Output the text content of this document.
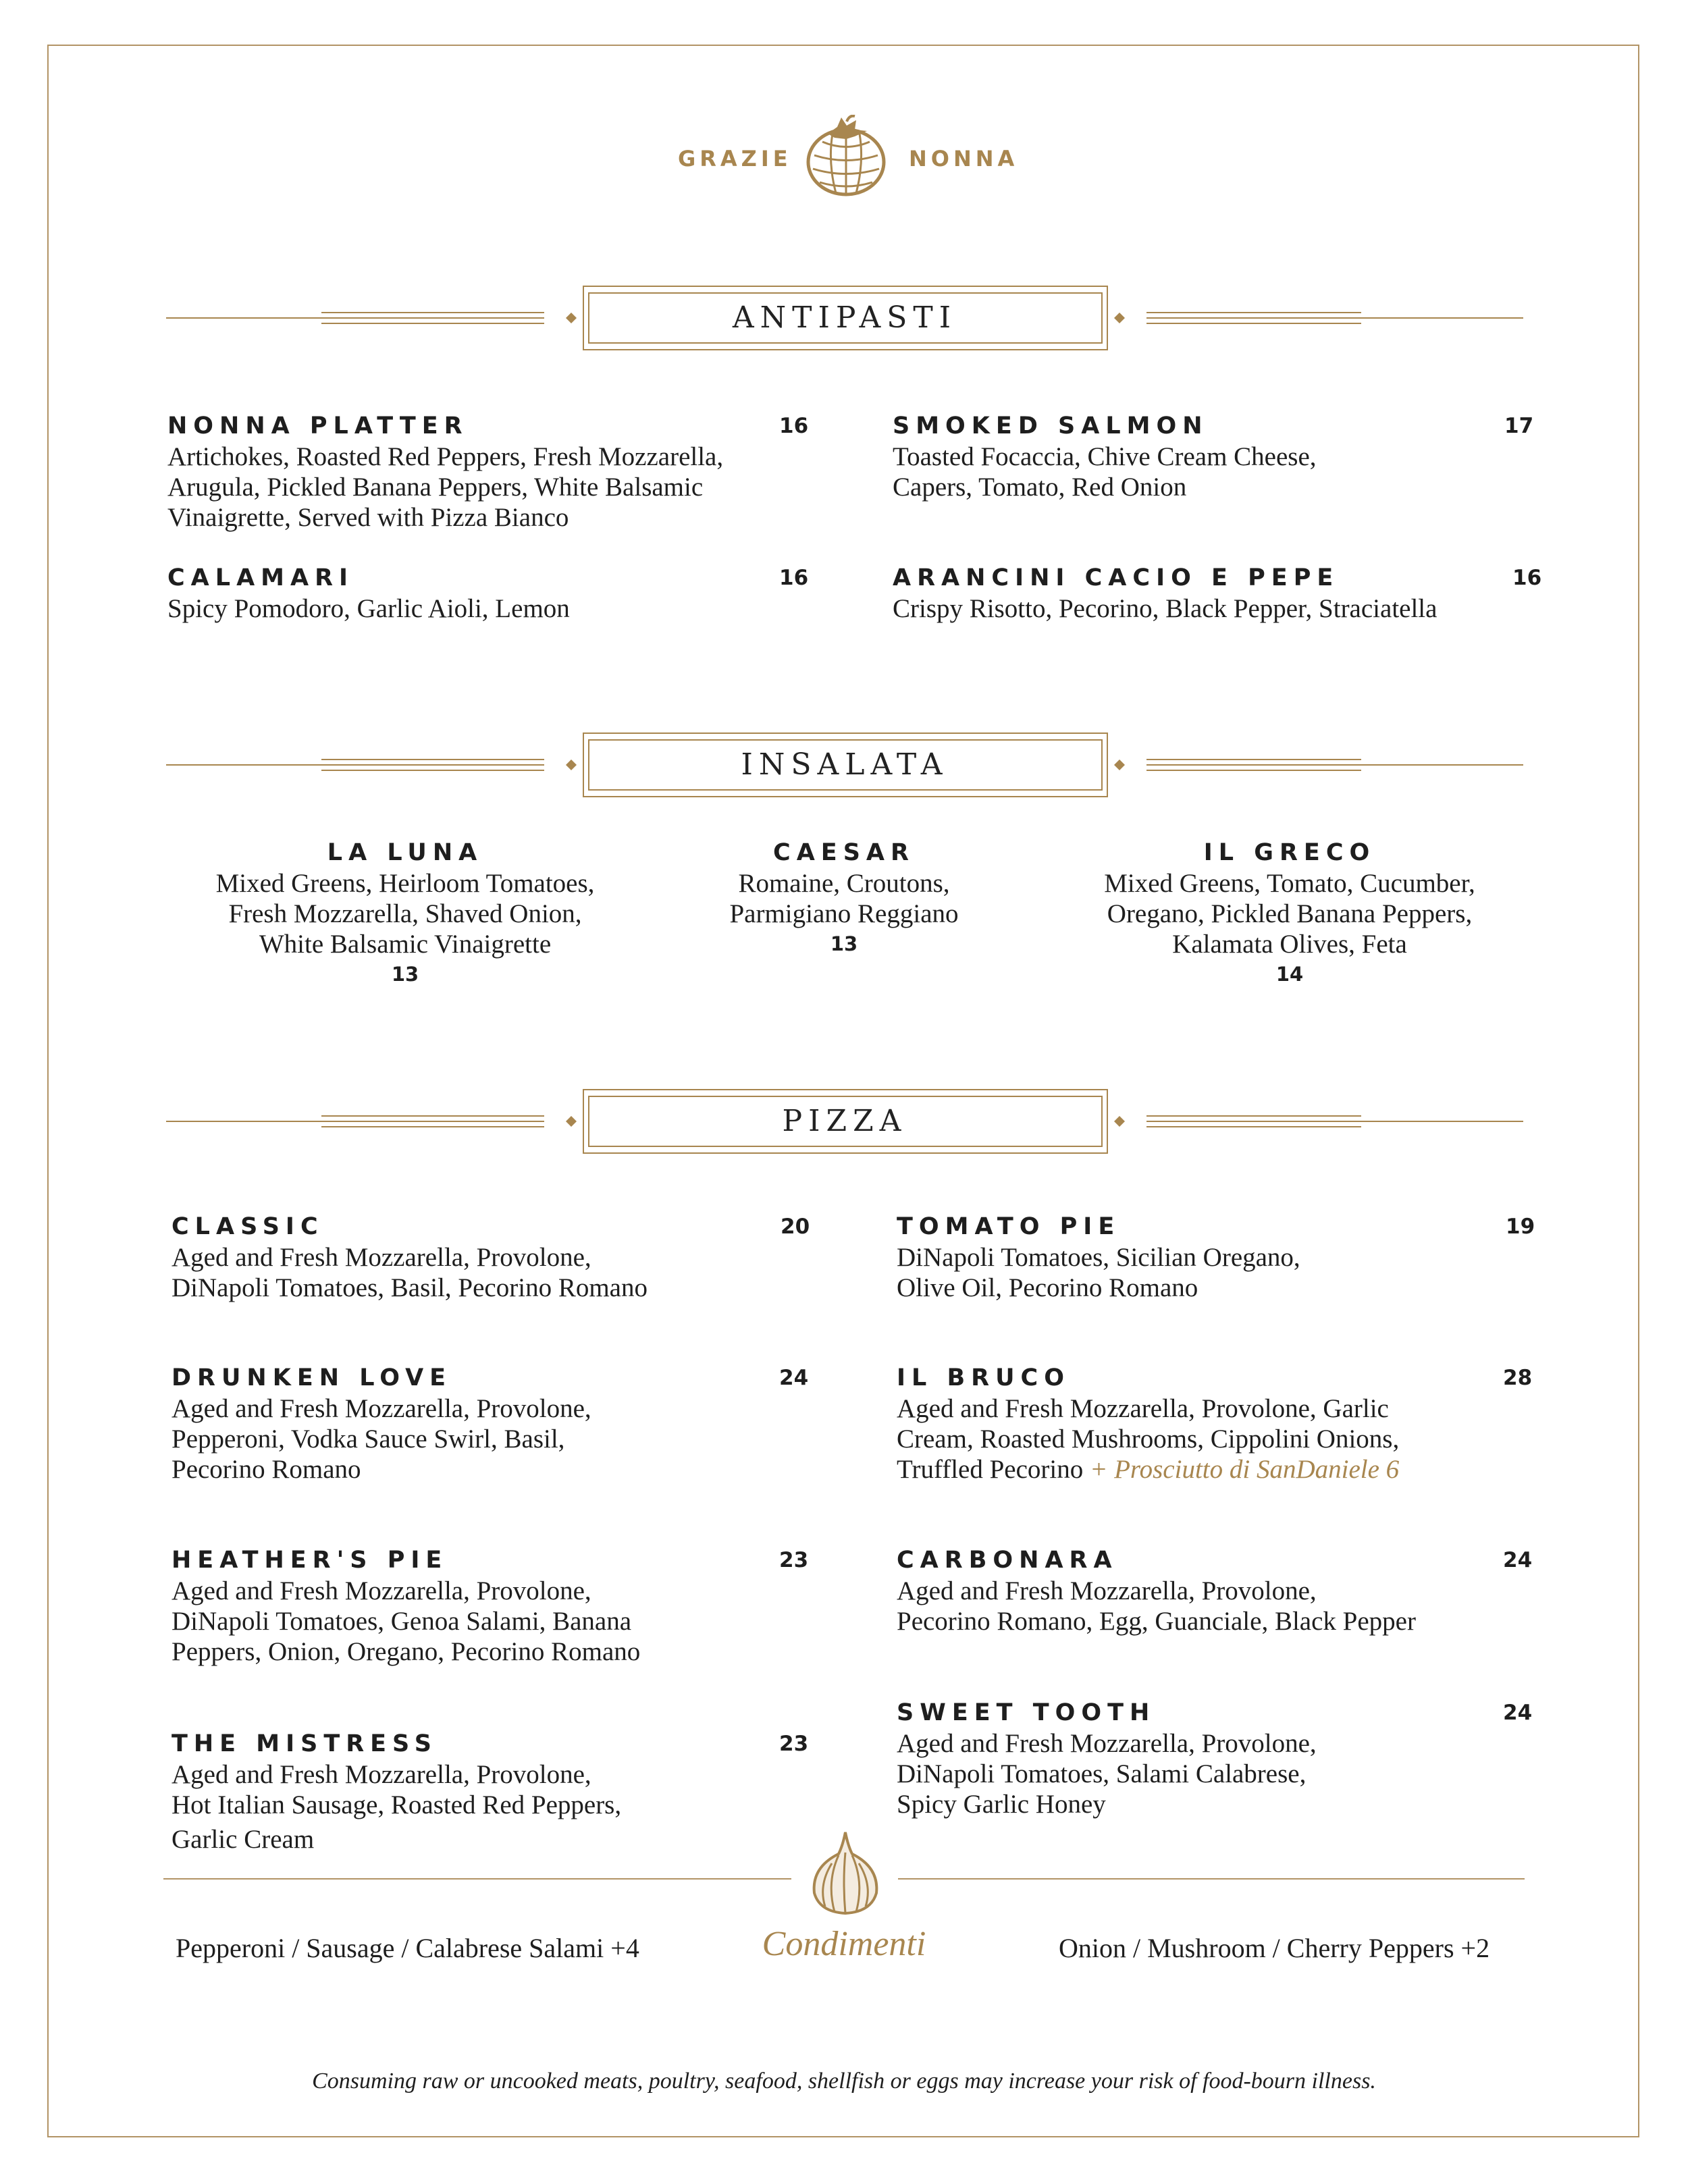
GRAZIE	NONNA
ANTIPASTI
INSALATA
PIZZA
NONNA PLATTER
Artichokes, Roasted Red Peppers, Fresh Mozzarella,
Arugula, Pickled Banana Peppers, White Balsamic
Vinaigrette, Served with Pizza Bianco
16	SMOKED SALMON
Toasted Focaccia, Chive Cream Cheese,
Capers, Tomato, Red Onion
17
CALAMARI
Spicy Pomodoro, Garlic Aioli, Lemon
16	ARANCINI CACIO E PEPE
Crispy Risotto, Pecorino, Black Pepper, Straciatella
16
LA LUNA
Mixed Greens, Heirloom Tomatoes,
Fresh Mozzarella, Shaved Onion,
White Balsamic Vinaigrette
13
CAESAR
Romaine, Croutons,
Parmigiano Reggiano
13
IL GRECO
Mixed Greens, Tomato, Cucumber,
Oregano, Pickled Banana Peppers,
Kalamata Olives, Feta
14
CLASSIC
Aged and Fresh Mozzarella, Provolone,
DiNapoli Tomatoes, Basil, Pecorino Romano
20	TOMATO PIE
DiNapoli Tomatoes, Sicilian Oregano,
Olive Oil, Pecorino Romano
19
DRUNKEN LOVE
Aged and Fresh Mozzarella, Provolone,
Pepperoni, Vodka Sauce Swirl, Basil,
Pecorino Romano
24	IL BRUCO
Aged and Fresh Mozzarella, Provolone, Garlic
Cream, Roasted Mushrooms, Cippolini Onions,
Truffled Pecorino + Prosciutto di SanDaniele 6
28
HEATHER'S PIE
Aged and Fresh Mozzarella, Provolone,
DiNapoli Tomatoes, Genoa Salami, Banana
Peppers, Onion, Oregano, Pecorino Romano
23	CARBONARA
Aged and Fresh Mozzarella, Provolone,
Pecorino Romano, Egg, Guanciale, Black Pepper
24
THE MISTRESS
Aged and Fresh Mozzarella, Provolone,
Hot Italian Sausage, Roasted Red Peppers,
Garlic Cream
23
SWEET TOOTH
Aged and Fresh Mozzarella, Provolone,
DiNapoli Tomatoes, Salami Calabrese,
Spicy Garlic Honey
24
Pepperoni / Sausage / Calabrese Salami +4	Condimenti	Onion / Mushroom / Cherry Peppers +2
Consuming raw or uncooked meats, poultry, seafood, shellfish or eggs may increase your risk of food-bourn illness.
